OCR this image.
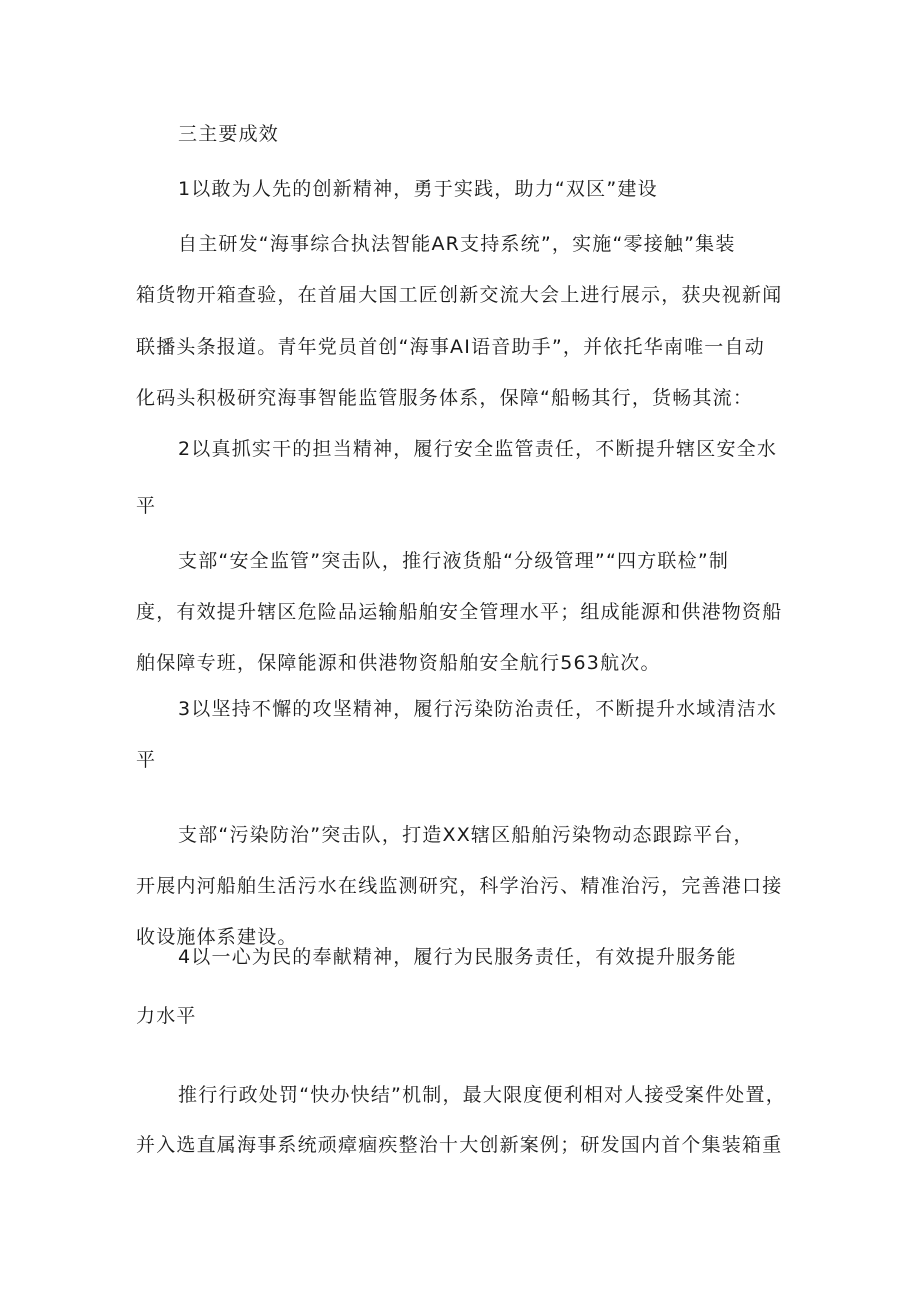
三主要成效
1以敢为人先的创新精神，勇于实践，助力“双区”建设
自主研发“海事综合执法智能AR支持系统”，实施“零接触”集装
箱货物开箱查验，在首届大国工匠创新交流大会上进行展示，获央视新闻
联播头条报道。青年党员首创“海事AI语音助手”，并依托华南唯一自动
化码头积极研究海事智能监管服务体系，保障“船畅其行，货畅其流：
2以真抓实干的担当精神，履行安全监管责任，不断提升辖区安全水
平
支部“安全监管”突击队，推行液货船“分级管理”“四方联检”制
度，有效提升辖区危险品运输船舶安全管理水平；组成能源和供港物资船
舶保障专班，保障能源和供港物资船舶安全航行563航次。
3以坚持不懈的攻坚精神，履行污染防治责任，不断提升水域清洁水
平
支部“污染防治”突击队，打造XX辖区船舶污染物动态跟踪平台，
开展内河船舶生活污水在线监测研究，科学治污、精准治污，完善港口接
收设施体系建设。
4以一心为民的奉献精神，履行为民服务责任，有效提升服务能
力水平
推行行政处罚“快办快结”机制，最大限度便利相对人接受案件处置，
并入选直属海事系统顽瘴痼疾整治十大创新案例；研发国内首个集装箱重
